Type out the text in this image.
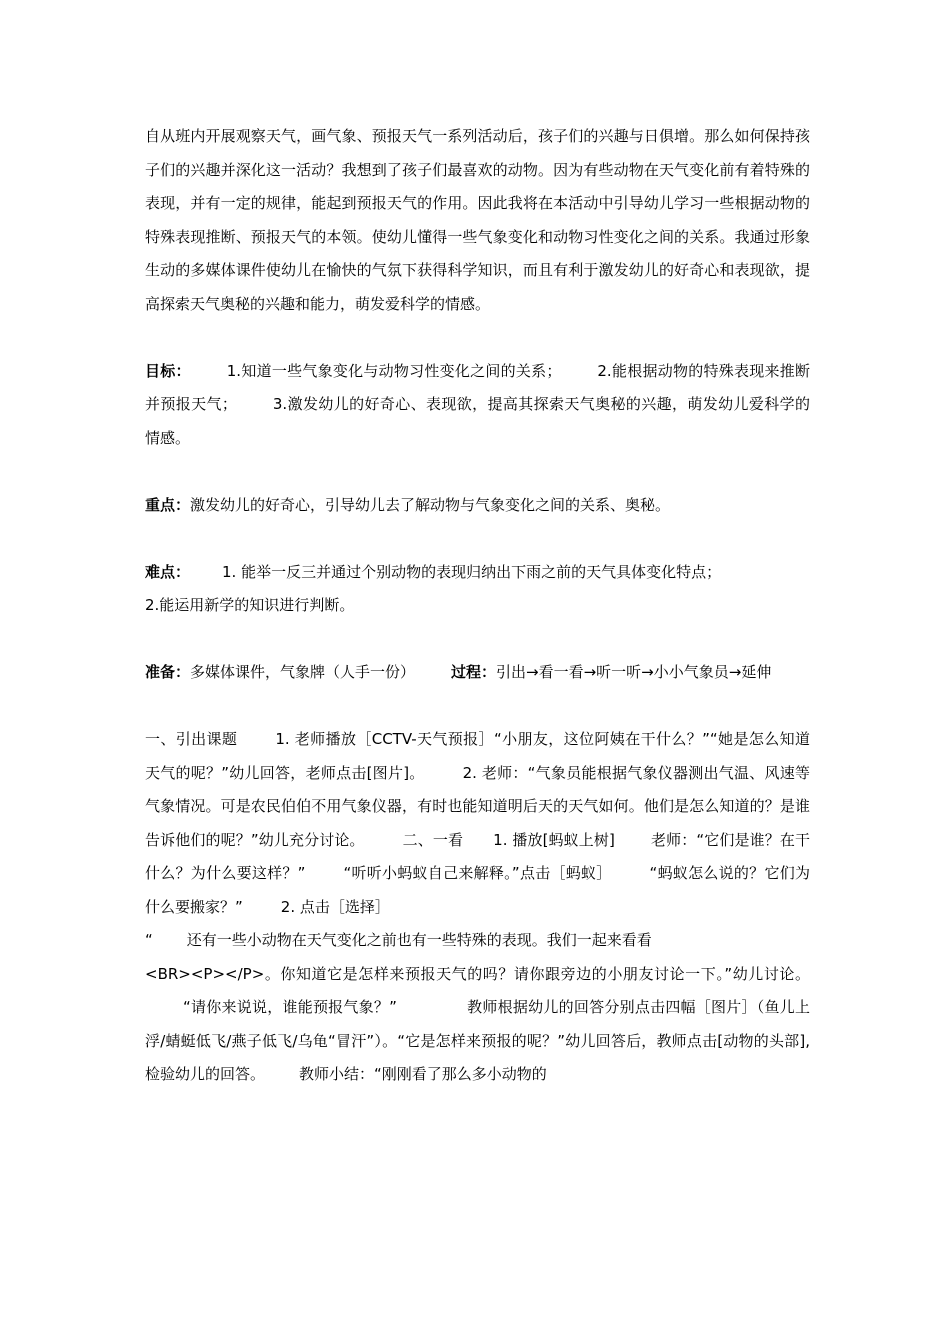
自从班内开展观察天气，画气象、预报天气一系列活动后，孩子们的兴趣与日俱增。那么如何保持孩子们的兴趣并深化这一活动？我想到了孩子们最喜欢的动物。因为有些动物在天气变化前有着特殊的表现，并有一定的规律，能起到预报天气的作用。因此我将在本活动中引导幼儿学习一些根据动物的特殊表现推断、预报天气的本领。使幼儿懂得一些气象变化和动物习性变化之间的关系。我通过形象生动的多媒体课件使幼儿在愉快的气氛下获得科学知识，而且有利于激发幼儿的好奇心和表现欲，提高探索天气奥秘的兴趣和能力，萌发爱科学的情感。

目标： 1.知道一些气象变化与动物习性变化之间的关系； 2.能根据动物的特殊表现来推断并预报天气； 3.激发幼儿的好奇心、表现欲，提高其探索天气奥秘的兴趣，萌发幼儿爱科学的情感。

重点：激发幼儿的好奇心，引导幼儿去了解动物与气象变化之间的关系、奥秘。

难点： 1. 能举一反三并通过个别动物的表现归纳出下雨之前的天气具体变化特点；
2.能运用新学的知识进行判断。

准备：多媒体课件，气象牌（人手一份） 过程：引出→看一看→听一听→小小气象员→延伸

一、引出课题	1. 老师播放［CCTV-天气预报］“小朋友，这位阿姨在干什么？”“她是怎么知道天气的呢？”幼儿回答，老师点击[图片]。	2. 老师：“气象员能根据气象仪器测出气温、风速等气象情况。可是农民伯伯不用气象仪器，有时也能知道明后天的天气如何。他们是怎么知道的？是谁告诉他们的呢？”幼儿充分讨论。	二、一看 1. 播放[蚂蚁上树] 老师：“它们是谁？在干什么？为什么要这样？”	“听听小蚂蚁自己来解释。”点击［蚂蚁］	“蚂蚁怎么说的？它们为什么要搬家？”	2. 点击［选择］
“ 还有一些小动物在天气变化之前也有一些特殊的表现。我们一起来看看
<BR><P></P>。你知道它是怎样来预报天气的吗？请你跟旁边的小朋友讨论一下。”幼儿讨论。“请你来说说，谁能预报气象？”	教师根据幼儿的回答分别点击四幅［图片］（鱼儿上浮/蜻蜓低飞/燕子低飞/乌龟“冒汗”）。“它是怎样来预报的呢？”幼儿回答后，教师点击[动物的头部],检验幼儿的回答。 教师小结：“刚刚看了那么多小动物的
